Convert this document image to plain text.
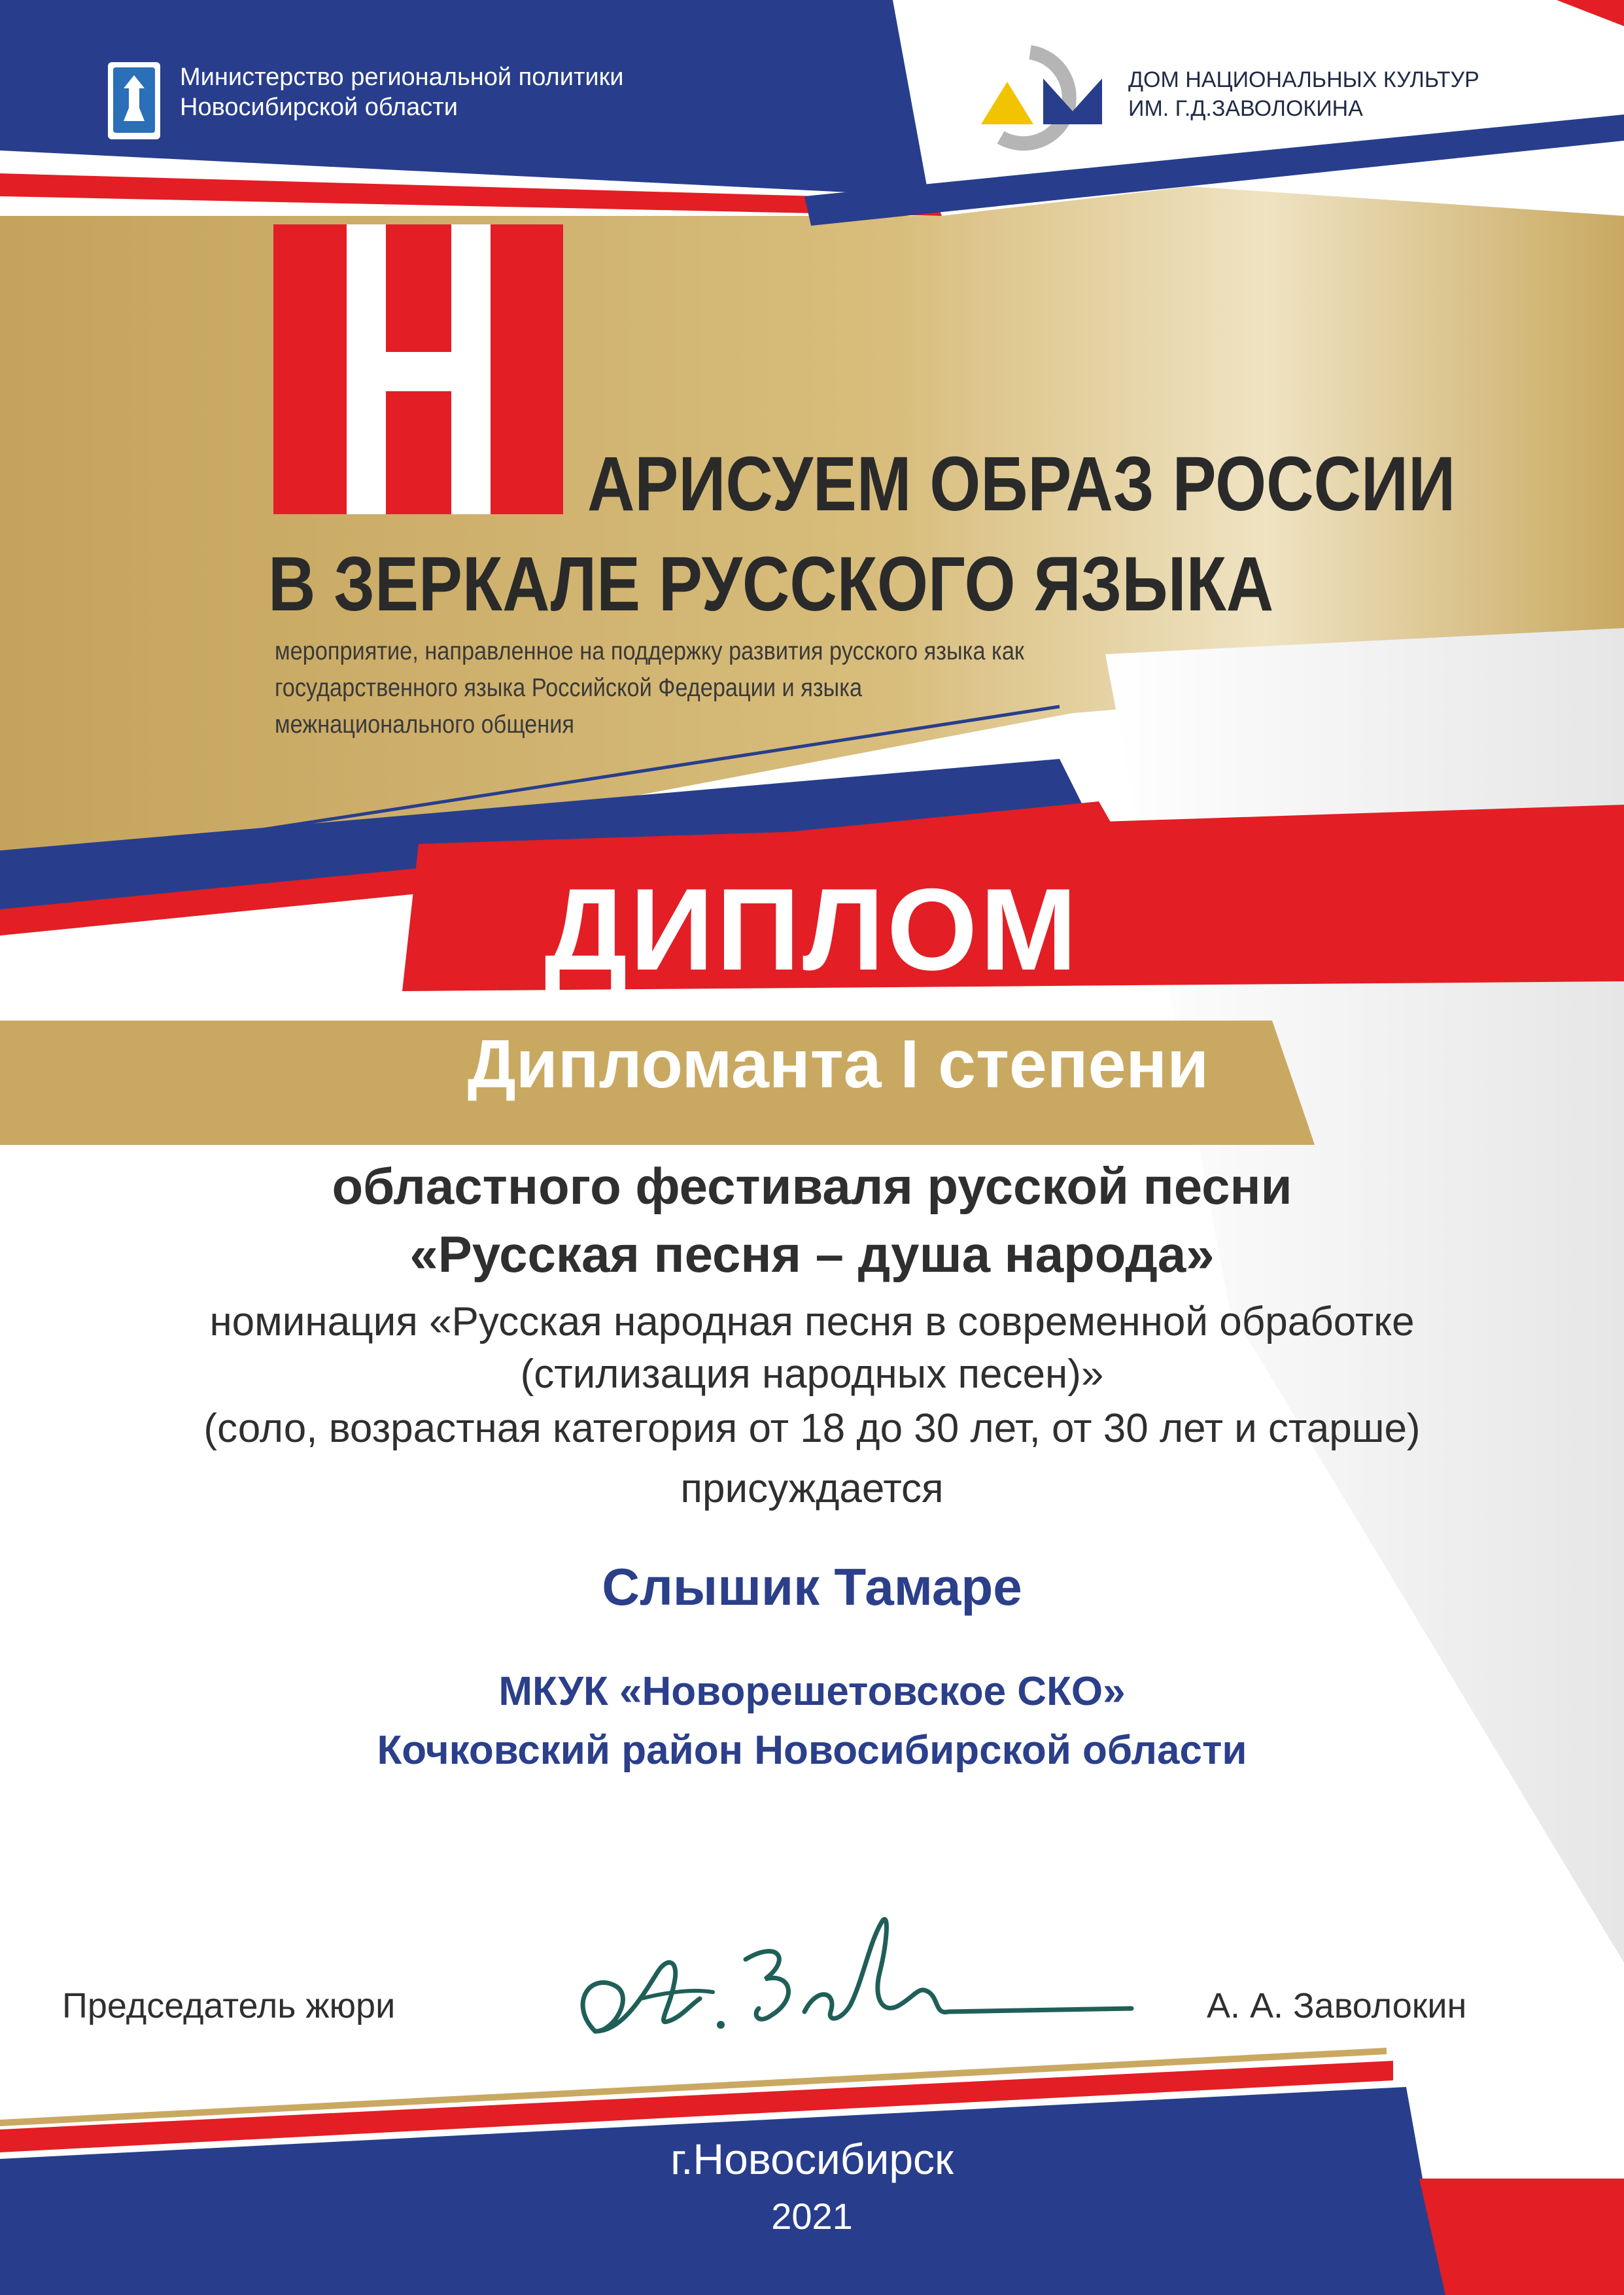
Министерство региональной политики
Новосибирской области
ДОМ НАЦИОНАЛЬНЫХ КУЛЬТУР
ИМ. Г.Д.ЗАВОЛОКИНА
АРИСУЕМ ОБРАЗ РОССИИ
В ЗЕРКАЛЕ РУССКОГО ЯЗЫКА
мероприятие, направленное на поддержку развития русского языка как
государственного языка Российской Федерации и языка
межнационального общения
ДИПЛОМ
Дипломанта I степени
областного фестиваля русской песни
«Русская песня – душа народа»
номинация «Русская народная песня в современной обработке
(стилизация народных песен)»
(соло, возрастная категория от 18 до 30 лет, от 30 лет и старше)
присуждается
Слышик Тамаре
МКУК «Новорешетовское СКО»
Кочковский район Новосибирской области
Председатель жюри	А. А. Заволокин
г.Новосибирск
2021
